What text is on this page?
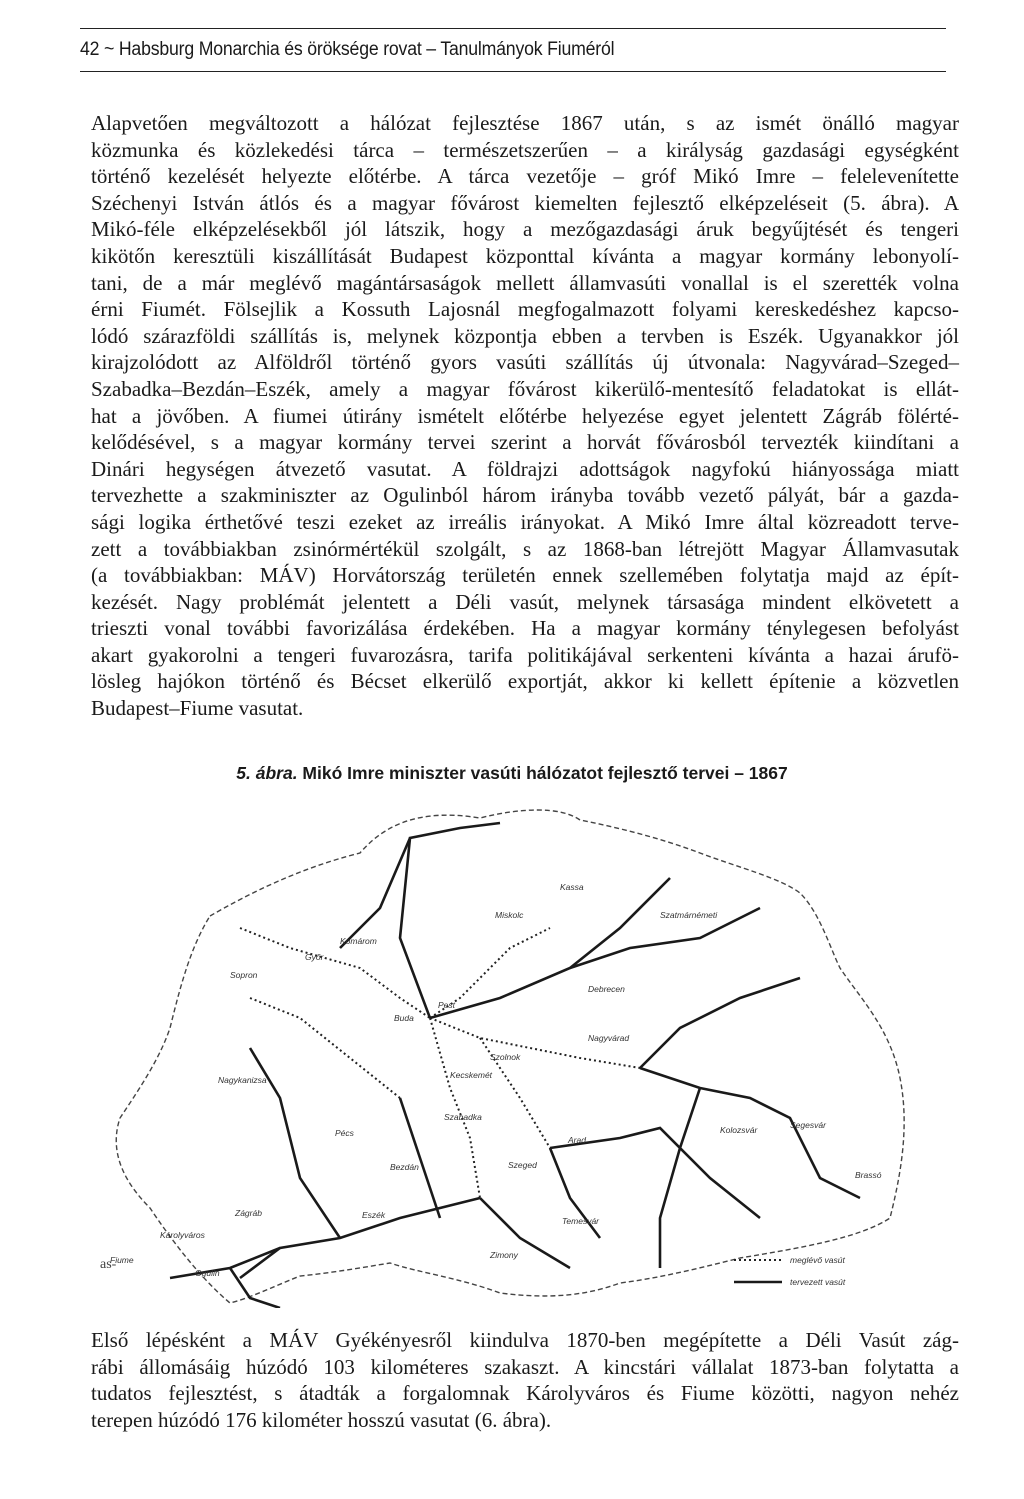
42 ~ Habsburg Monarchia és öröksége rovat – Tanulmányok Fiuméról
Alapvetően megváltozott a hálózat fejlesztése 1867 után, s az ismét önálló magyar
közmunka és közlekedési tárca – természetszerűen – a királyság gazdasági egységként
történő kezelését helyezte előtérbe. A tárca vezetője – gróf Mikó Imre – felelevenítette
Széchenyi István átlós és a magyar fővárost kiemelten fejlesztő elképzeléseit (5. ábra). A
Mikó-féle elképzelésekből jól látszik, hogy a mezőgazdasági áruk begyűjtését és tengeri
kikötőn keresztüli kiszállítását Budapest központtal kívánta a magyar kormány lebonyolí-
tani, de a már meglévő magántársaságok mellett államvasúti vonallal is el szerették volna
érni Fiumét. Fölsejlik a Kossuth Lajosnál megfogalmazott folyami kereskedéshez kapcso-
lódó szárazföldi szállítás is, melynek központja ebben a tervben is Eszék. Ugyanakkor jól
kirajzolódott az Alföldről történő gyors vasúti szállítás új útvonala: Nagyvárad–Szeged–
Szabadka–Bezdán–Eszék, amely a magyar fővárost kikerülő-mentesítő feladatokat is ellát-
hat a jövőben. A fiumei útirány ismételt előtérbe helyezése egyet jelentett Zágráb fölérté-
kelődésével, s a magyar kormány tervei szerint a horvát fővárosból tervezték kiindítani a
Dinári hegységen átvezető vasutat. A földrajzi adottságok nagyfokú hiányossága miatt
tervezhette a szakminiszter az Ogulinból három irányba tovább vezető pályát, bár a gazda-
sági logika érthetővé teszi ezeket az irreális irányokat. A Mikó Imre által közreadott terve-
zett a továbbiakban zsinórmértékül szolgált, s az 1868-ban létrejött Magyar Államvasutak
(a továbbiakban: MÁV) Horvátország területén ennek szellemében folytatja majd az épít-
kezését. Nagy problémát jelentett a Déli vasút, melynek társasága mindent elkövetett a
trieszti vonal további favorizálása érdekében. Ha a magyar kormány ténylegesen befolyást
akart gyakorolni a tengeri fuvarozásra, tarifa politikájával serkenteni kívánta a hazai árufö-
lösleg hajókon történő és Bécset elkerülő exportját, akkor ki kellett építenie a közvetlen
Budapest–Fiume vasutat.
5. ábra. Mikó Imre miniszter vasúti hálózatot fejlesztő tervei – 1867
Buda
Pest
Szeged
Arad
Eszék
Fiume
Zágráb
Ogulin
Debrecen
Nagyvárad
Kassa
Temesvár
Kolozsvár
Brassó
Szabadka
Bezdán
Pécs
Sopron
Győr
Komárom
Miskolc
Szolnok
Nagykanizsa	Kecskemét
Zimony
Károlyváros
Segesvár
Szatmárnémeti
as-	meglévő vasút
tervezett vasút
Első lépésként a MÁV Gyékényesről kiindulva 1870-ben megépítette a Déli Vasút zág-
rábi állomásáig húzódó 103 kilométeres szakaszt. A kincstári vállalat 1873-ban folytatta a
tudatos fejlesztést, s átadták a forgalomnak Károlyváros és Fiume közötti, nagyon nehéz
terepen húzódó 176 kilométer hosszú vasutat (6. ábra).
